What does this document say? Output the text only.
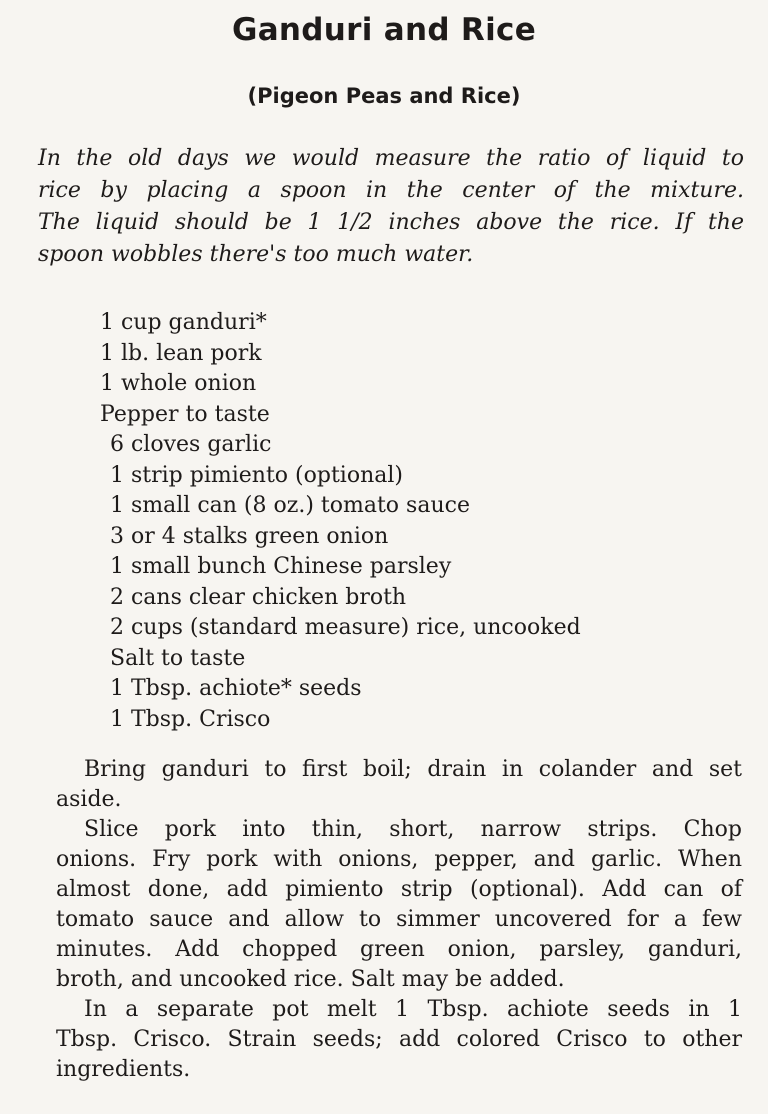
Ganduri and Rice
(Pigeon Peas and Rice)
In the old days we would measure the ratio of liquid to
rice by placing a spoon in the center of the mixture.
The liquid should be 1 1/2 inches above the rice. If the
spoon wobbles there's too much water.
1 cup ganduri*
1 lb. lean pork
1 whole onion
Pepper to taste
6 cloves garlic
1 strip pimiento (optional)
1 small can (8 oz.) tomato sauce
3 or 4 stalks green onion
1 small bunch Chinese parsley
2 cans clear chicken broth
2 cups (standard measure) rice, uncooked
Salt to taste
1 Tbsp. achiote* seeds
1 Tbsp. Crisco
Bring ganduri to first boil; drain in colander and set
aside.
Slice pork into thin, short, narrow strips. Chop
onions. Fry pork with onions, pepper, and garlic. When
almost done, add pimiento strip (optional). Add can of
tomato sauce and allow to simmer uncovered for a few
minutes. Add chopped green onion, parsley, ganduri,
broth, and uncooked rice. Salt may be added.
In a separate pot melt 1 Tbsp. achiote seeds in 1
Tbsp. Crisco. Strain seeds; add colored Crisco to other
ingredients.
